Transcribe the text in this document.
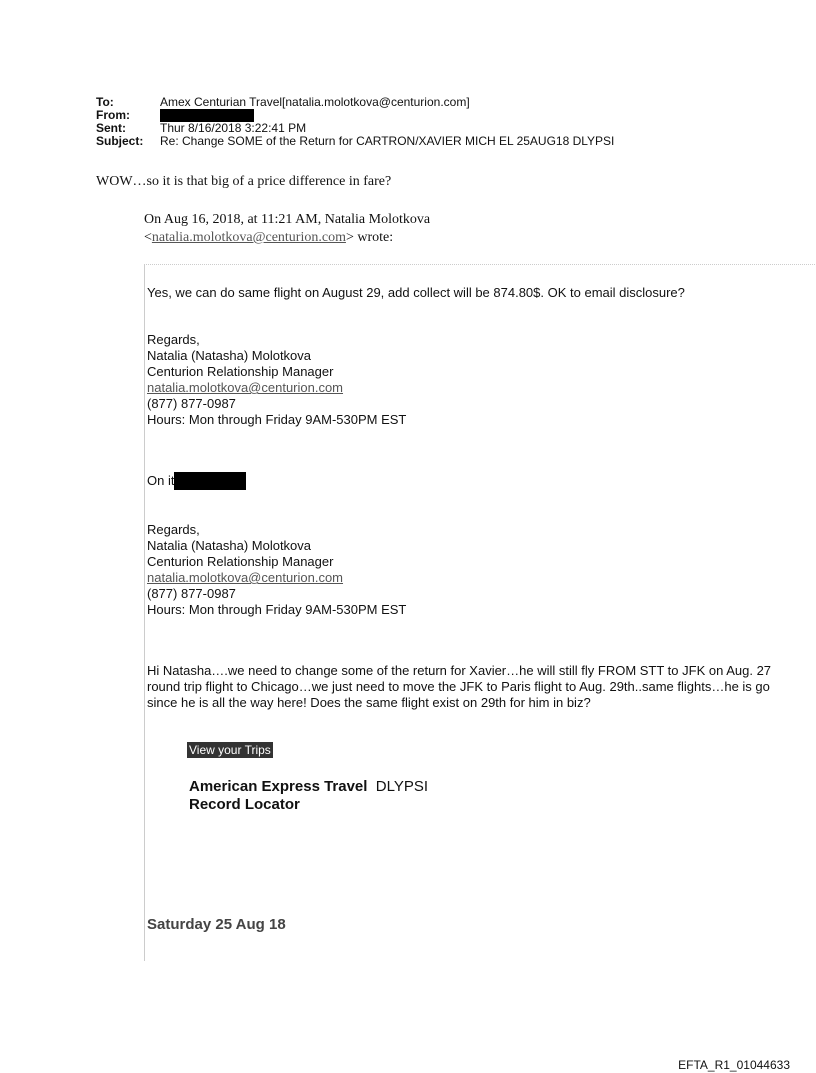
To:	Amex Centurian Travel[natalia.molotkova@centurion.com]
From:
Sent:	Thur 8/16/2018 3:22:41 PM
Subject:	Re: Change SOME of the Return for CARTRON/XAVIER MICH EL 25AUG18 DLYPSI
WOW…so it is that big of a price difference in fare?
On Aug 16, 2018, at 11:21 AM, Natalia Molotkova
<natalia.molotkova@centurion.com> wrote:
Yes, we can do same flight on August 29, add collect will be 874.80$. OK to email disclosure?
Regards,
Natalia (Natasha) Molotkova
Centurion Relationship Manager
natalia.molotkova@centurion.com
(877) 877-0987
Hours: Mon through Friday 9AM-530PM EST
On it
Regards,
Natalia (Natasha) Molotkova
Centurion Relationship Manager
natalia.molotkova@centurion.com
(877) 877-0987
Hours: Mon through Friday 9AM-530PM EST
Hi Natasha….we need to change some of the return for Xavier…he will still fly FROM STT to JFK on Aug. 27
round trip flight to Chicago…we just need to move the JFK to Paris flight to Aug. 29th..same flights…he is go
since he is all the way here! Does the same flight exist on 29th for him in biz?
View your Trips
American Express Travel DLYPSI
Record Locator
Saturday 25 Aug 18
EFTA_R1_01044633
